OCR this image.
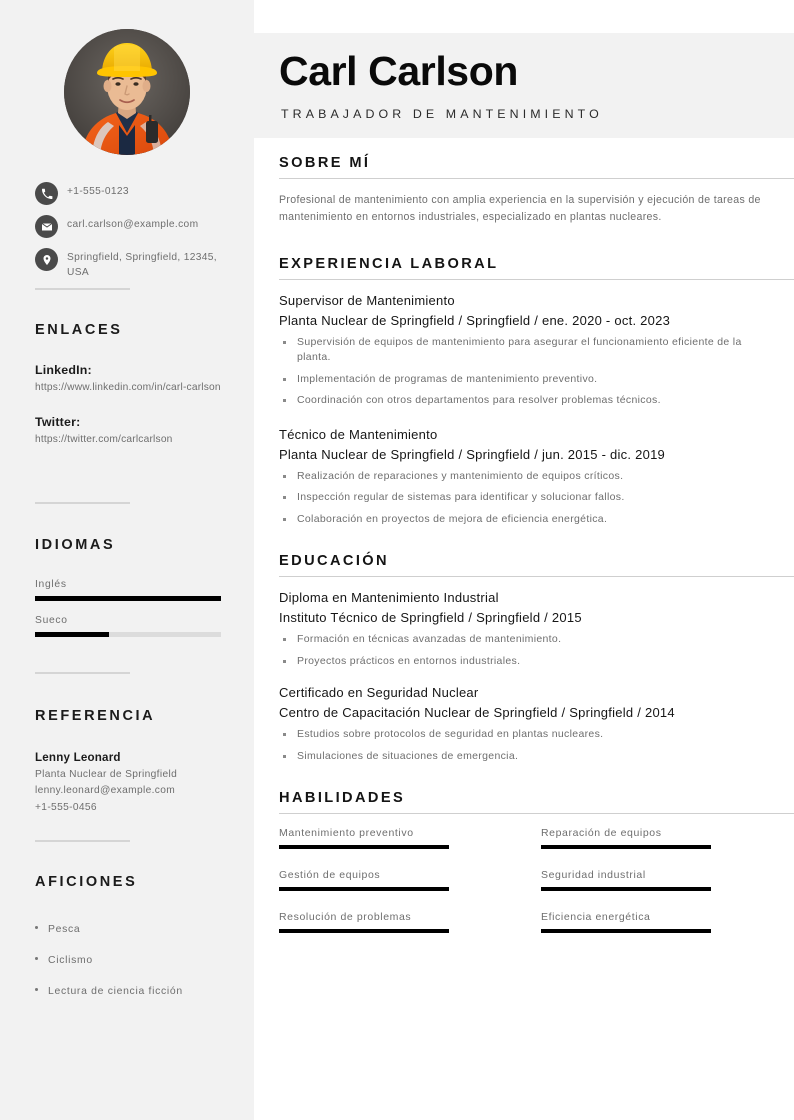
+1-555-0123
carl.carlson@example.com
Springfield, Springfield, 12345, USA
ENLACES
LinkedIn:
https://www.linkedin.com/in/carl-carlson
Twitter:
https://twitter.com/carlcarlson
IDIOMAS
Inglés
Sueco
REFERENCIA
Lenny Leonard
Planta Nuclear de Springfield
lenny.leonard@example.com
+1-555-0456
AFICIONES
Pesca
Ciclismo
Lectura de ciencia ficción
Carl Carlson
TRABAJADOR DE MANTENIMIENTO
SOBRE MÍ

Profesional de mantenimiento con amplia experiencia en la supervisión y ejecución de tareas de mantenimiento en entornos industriales, especializado en plantas nucleares.

EXPERIENCIA LABORAL
Supervisor de Mantenimiento
Planta Nuclear de Springfield / Springfield / ene. 2020 - oct. 2023
Supervisión de equipos de mantenimiento para asegurar el funcionamiento eficiente de la planta.
Implementación de programas de mantenimiento preventivo.
Coordinación con otros departamentos para resolver problemas técnicos.
Técnico de Mantenimiento
Planta Nuclear de Springfield / Springfield / jun. 2015 - dic. 2019
Realización de reparaciones y mantenimiento de equipos críticos.
Inspección regular de sistemas para identificar y solucionar fallos.
Colaboración en proyectos de mejora de eficiencia energética.
EDUCACIÓN
Diploma en Mantenimiento Industrial
Instituto Técnico de Springfield / Springfield / 2015
Formación en técnicas avanzadas de mantenimiento.
Proyectos prácticos en entornos industriales.
Certificado en Seguridad Nuclear
Centro de Capacitación Nuclear de Springfield / Springfield / 2014
Estudios sobre protocolos de seguridad en plantas nucleares.
Simulaciones de situaciones de emergencia.
HABILIDADES
Mantenimiento preventivo	Reparación de equipos
Gestión de equipos	Seguridad industrial
Resolución de problemas	Eficiencia energética
